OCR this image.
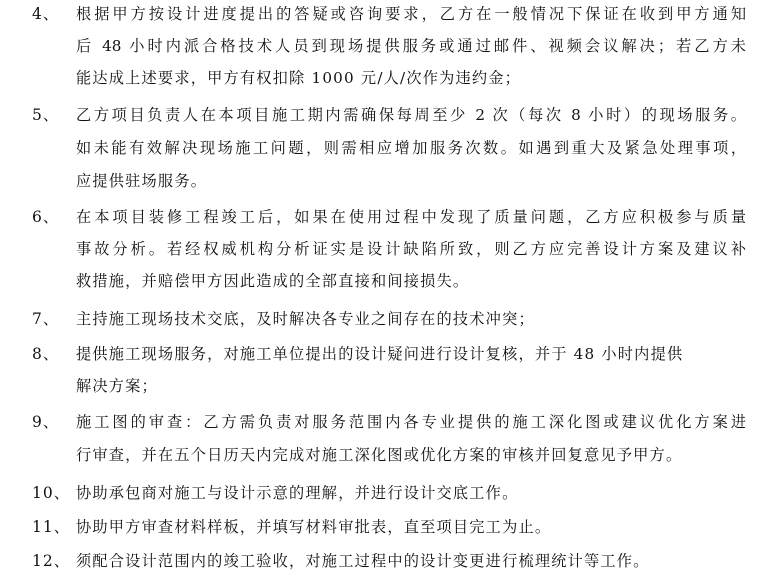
4、 根据甲方按设计进度提出的答疑或咨询要求，乙方在一般情况下保证在收到甲方通知
后 48 小时内派合格技术人员到现场提供服务或通过邮件、视频会议解决；若乙方未
能达成上述要求，甲方有权扣除 1000 元/人/次作为违约金；
5、 乙方项目负责人在本项目施工期内需确保每周至少 2 次（每次 8 小时）的现场服务。
如未能有效解决现场施工问题，则需相应增加服务次数。如遇到重大及紧急处理事项，
应提供驻场服务。
6、 在本项目装修工程竣工后，如果在使用过程中发现了质量问题，乙方应积极参与质量
事故分析。若经权威机构分析证实是设计缺陷所致，则乙方应完善设计方案及建议补
救措施，并赔偿甲方因此造成的全部直接和间接损失。
7、 主持施工现场技术交底，及时解决各专业之间存在的技术冲突；
8、 提供施工现场服务，对施工单位提出的设计疑问进行设计复核，并于 48 小时内提供
解决方案；
9、 施工图的审查：乙方需负责对服务范围内各专业提供的施工深化图或建议优化方案进
行审查，并在五个日历天内完成对施工深化图或优化方案的审核并回复意见予甲方。
10、 协助承包商对施工与设计示意的理解，并进行设计交底工作。
11、 协助甲方审查材料样板，并填写材料审批表，直至项目完工为止。
12、 须配合设计范围内的竣工验收，对施工过程中的设计变更进行梳理统计等工作。
